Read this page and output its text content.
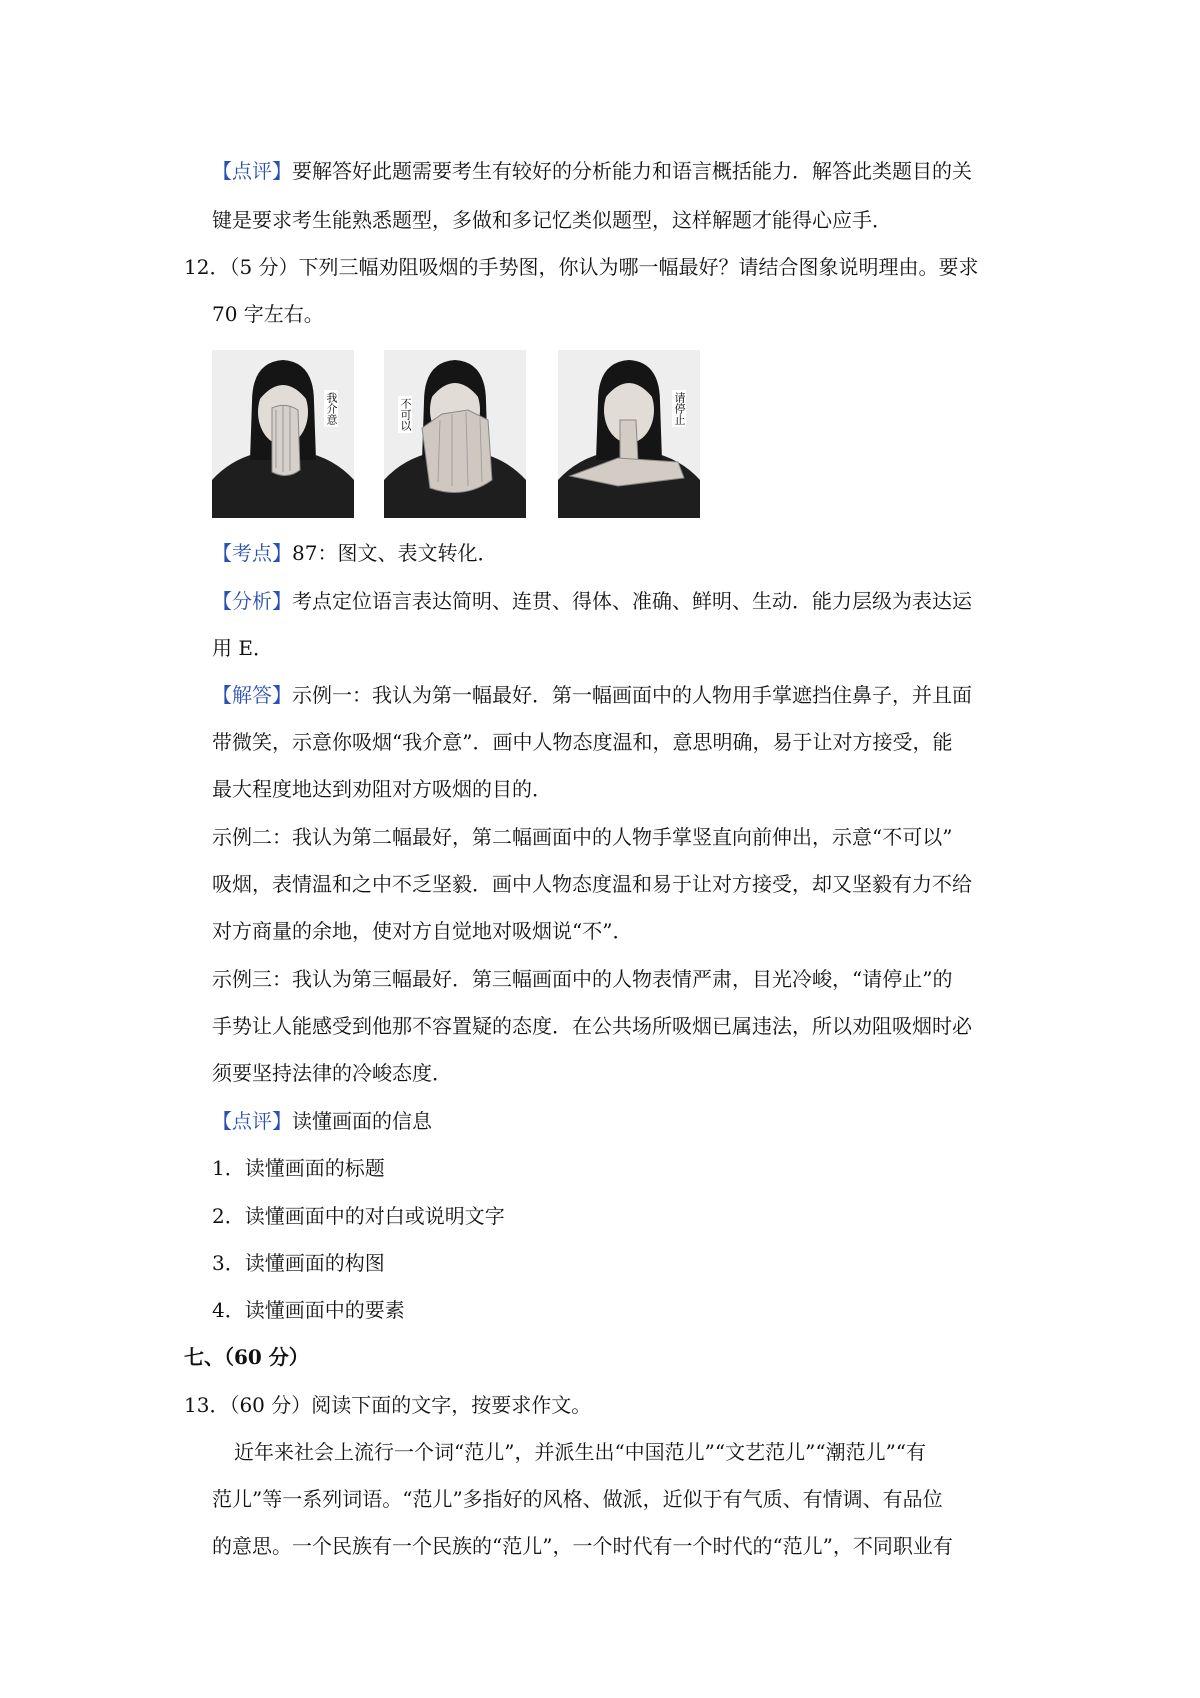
【点评】要解答好此题需要考生有较好的分析能力和语言概括能力．解答此类题目的关
键是要求考生能熟悉题型，多做和多记忆类似题型，这样解题才能得心应手．
12．（5 分）下列三幅劝阻吸烟的手势图，你认为哪一幅最好？请结合图象说明理由。要求
70 字左右。
我介意	不可以	请停止
【考点】87：图文、表文转化．
【分析】考点定位语言表达简明、连贯、得体、准确、鲜明、生动．能力层级为表达运
用 E．
【解答】示例一：我认为第一幅最好．第一幅画面中的人物用手掌遮挡住鼻子，并且面
带微笑，示意你吸烟“我介意”．画中人物态度温和，意思明确，易于让对方接受，能
最大程度地达到劝阻对方吸烟的目的．
示例二：我认为第二幅最好，第二幅画面中的人物手掌竖直向前伸出，示意“不可以”
吸烟，表情温和之中不乏坚毅．画中人物态度温和易于让对方接受，却又坚毅有力不给
对方商量的余地，使对方自觉地对吸烟说“不”．
示例三：我认为第三幅最好．第三幅画面中的人物表情严肃，目光冷峻，“请停止”的
手势让人能感受到他那不容置疑的态度．在公共场所吸烟已属违法，所以劝阻吸烟时必
须要坚持法律的冷峻态度．
【点评】读懂画面的信息
1．读懂画面的标题
2．读懂画面中的对白或说明文字
3．读懂画面的构图
4．读懂画面中的要素
七、（60 分）
13．（60 分）阅读下面的文字，按要求作文。
近年来社会上流行一个词“范儿”，并派生出“中国范儿”“文艺范儿”“潮范儿”“有
范儿”等一系列词语。“范儿”多指好的风格、做派，近似于有气质、有情调、有品位
的意思。一个民族有一个民族的“范儿”，一个时代有一个时代的“范儿”，不同职业有
